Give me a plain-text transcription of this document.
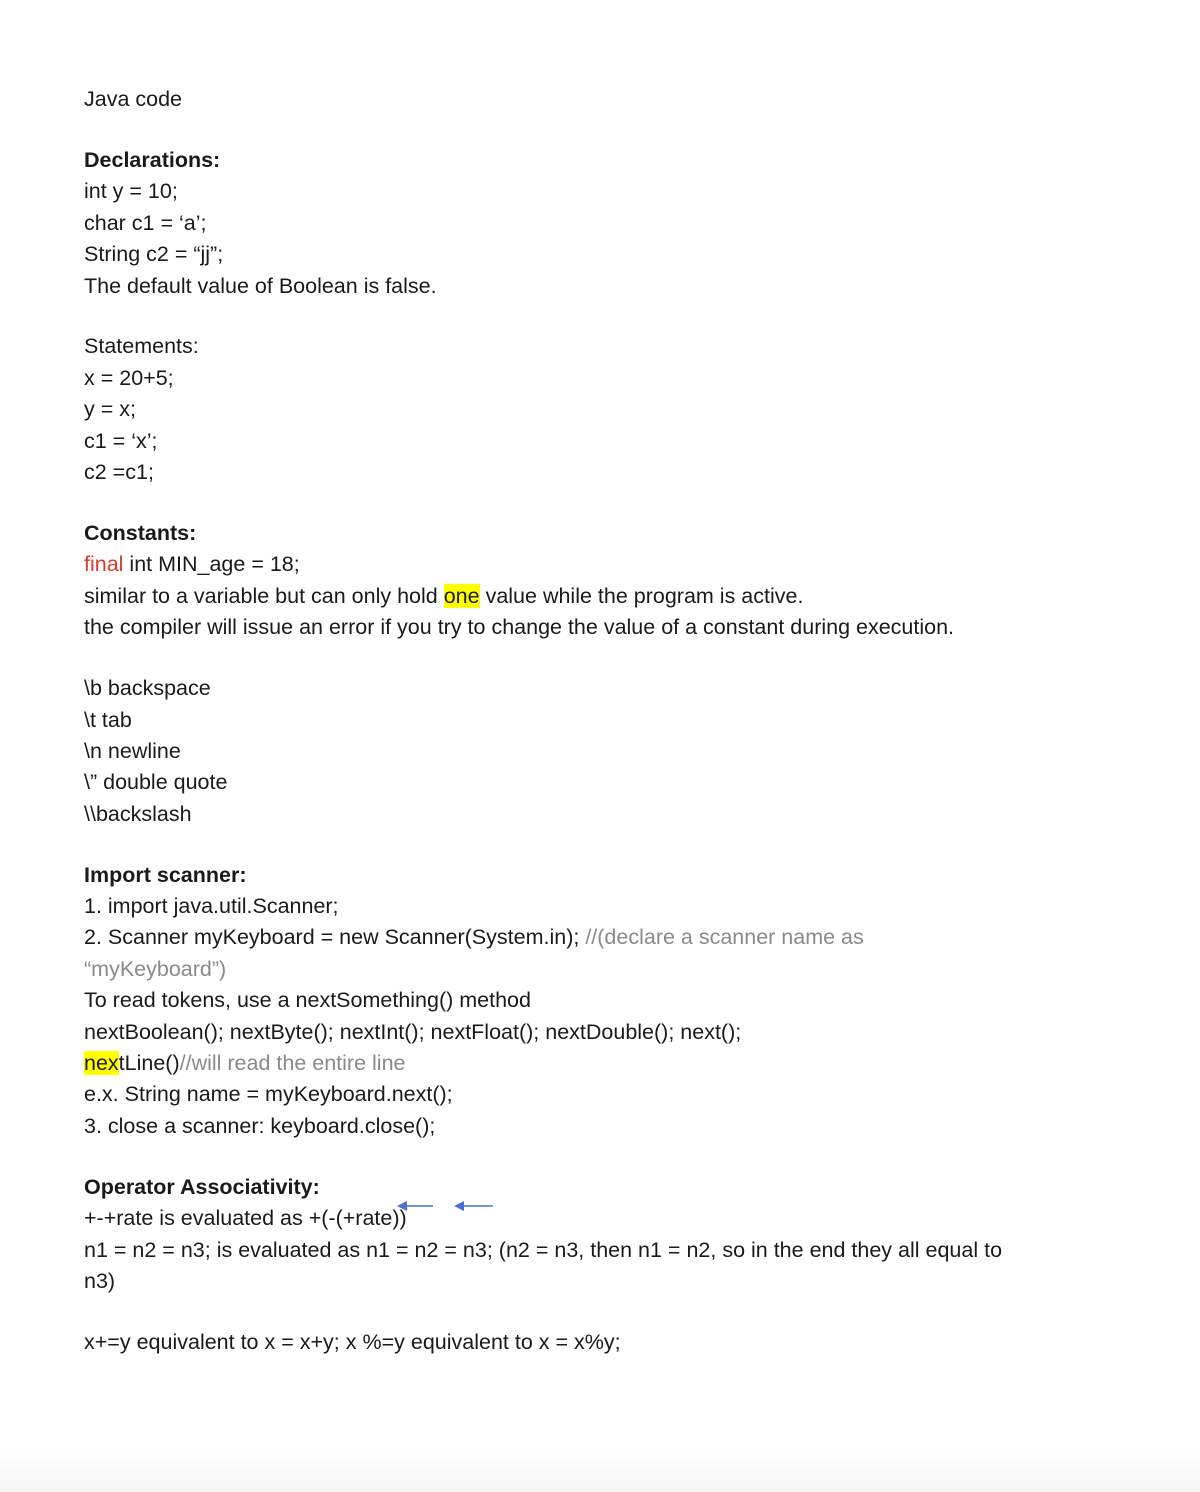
Java code
Declarations:
int y = 10;
char c1 = ‘a’;
String c2 = “jj”;
The default value of Boolean is false.
Statements:
x = 20+5;
y = x;
c1 = ‘x’;
c2 =c1;
Constants:
final int MIN_age = 18;
similar to a variable but can only hold one value while the program is active.
the compiler will issue an error if you try to change the value of a constant during execution.
\b backspace
\t tab
\n newline
\” double quote
\\backslash
Import scanner:
1. import java.util.Scanner;
2. Scanner myKeyboard = new Scanner(System.in); //(declare a scanner name as
“myKeyboard”)
To read tokens, use a nextSomething() method
nextBoolean(); nextByte(); nextInt(); nextFloat(); nextDouble(); next();
nextLine()//will read the entire line
e.x. String name = myKeyboard.next();
3. close a scanner: keyboard.close();
Operator Associativity:
+-+rate is evaluated as +(-(+rate))
n1 = n2 = n3; is evaluated as n1 = n2 = n3; (n2 = n3, then n1 = n2, so in the end they all equal to
n3)
x+=y equivalent to x = x+y; x %=y equivalent to x = x%y;
